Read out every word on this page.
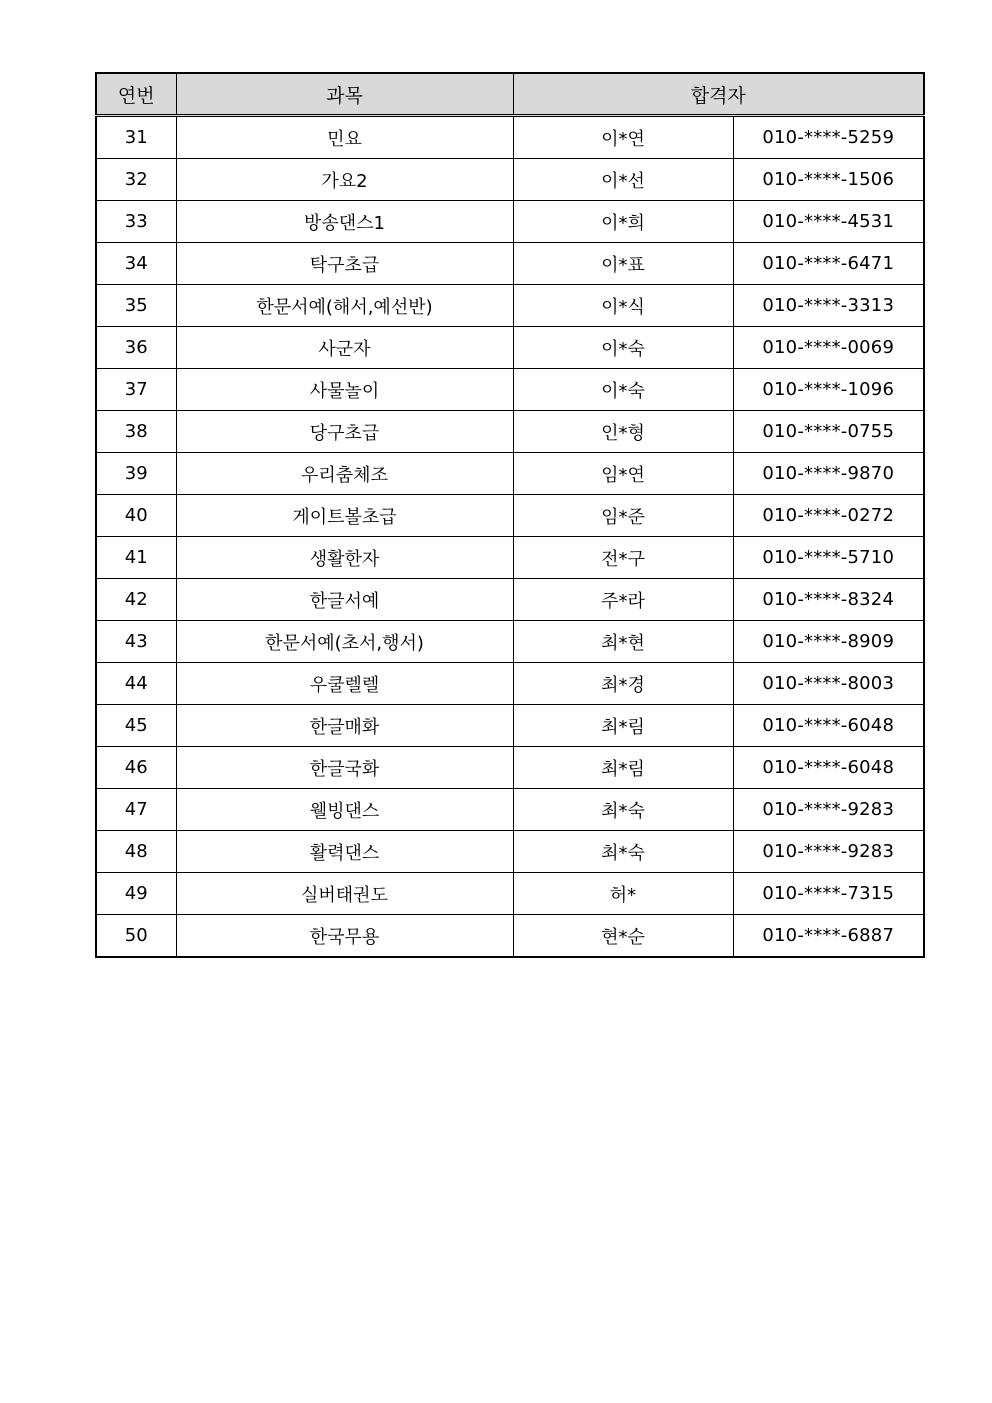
연번	과목	합격자	
31	민요	이*연	010-****-5259
32	가요2	이*선	010-****-1506
33	방송댄스1	이*희	010-****-4531
34	탁구초급	이*표	010-****-6471
35	한문서예(해서,예선반)	이*식	010-****-3313
36	사군자	이*숙	010-****-0069
37	사물놀이	이*숙	010-****-1096
38	당구초급	인*형	010-****-0755
39	우리춤체조	임*연	010-****-9870
40	게이트볼초급	임*준	010-****-0272
41	생활한자	전*구	010-****-5710
42	한글서예	주*라	010-****-8324
43	한문서예(초서,행서)	최*현	010-****-8909
44	우쿨렐렐	최*경	010-****-8003
45	한글매화	최*림	010-****-6048
46	한글국화	최*림	010-****-6048
47	웰빙댄스	최*숙	010-****-9283
48	활력댄스	최*숙	010-****-9283
49	실버태권도	허*	010-****-7315
50	한국무용	현*순	010-****-6887
